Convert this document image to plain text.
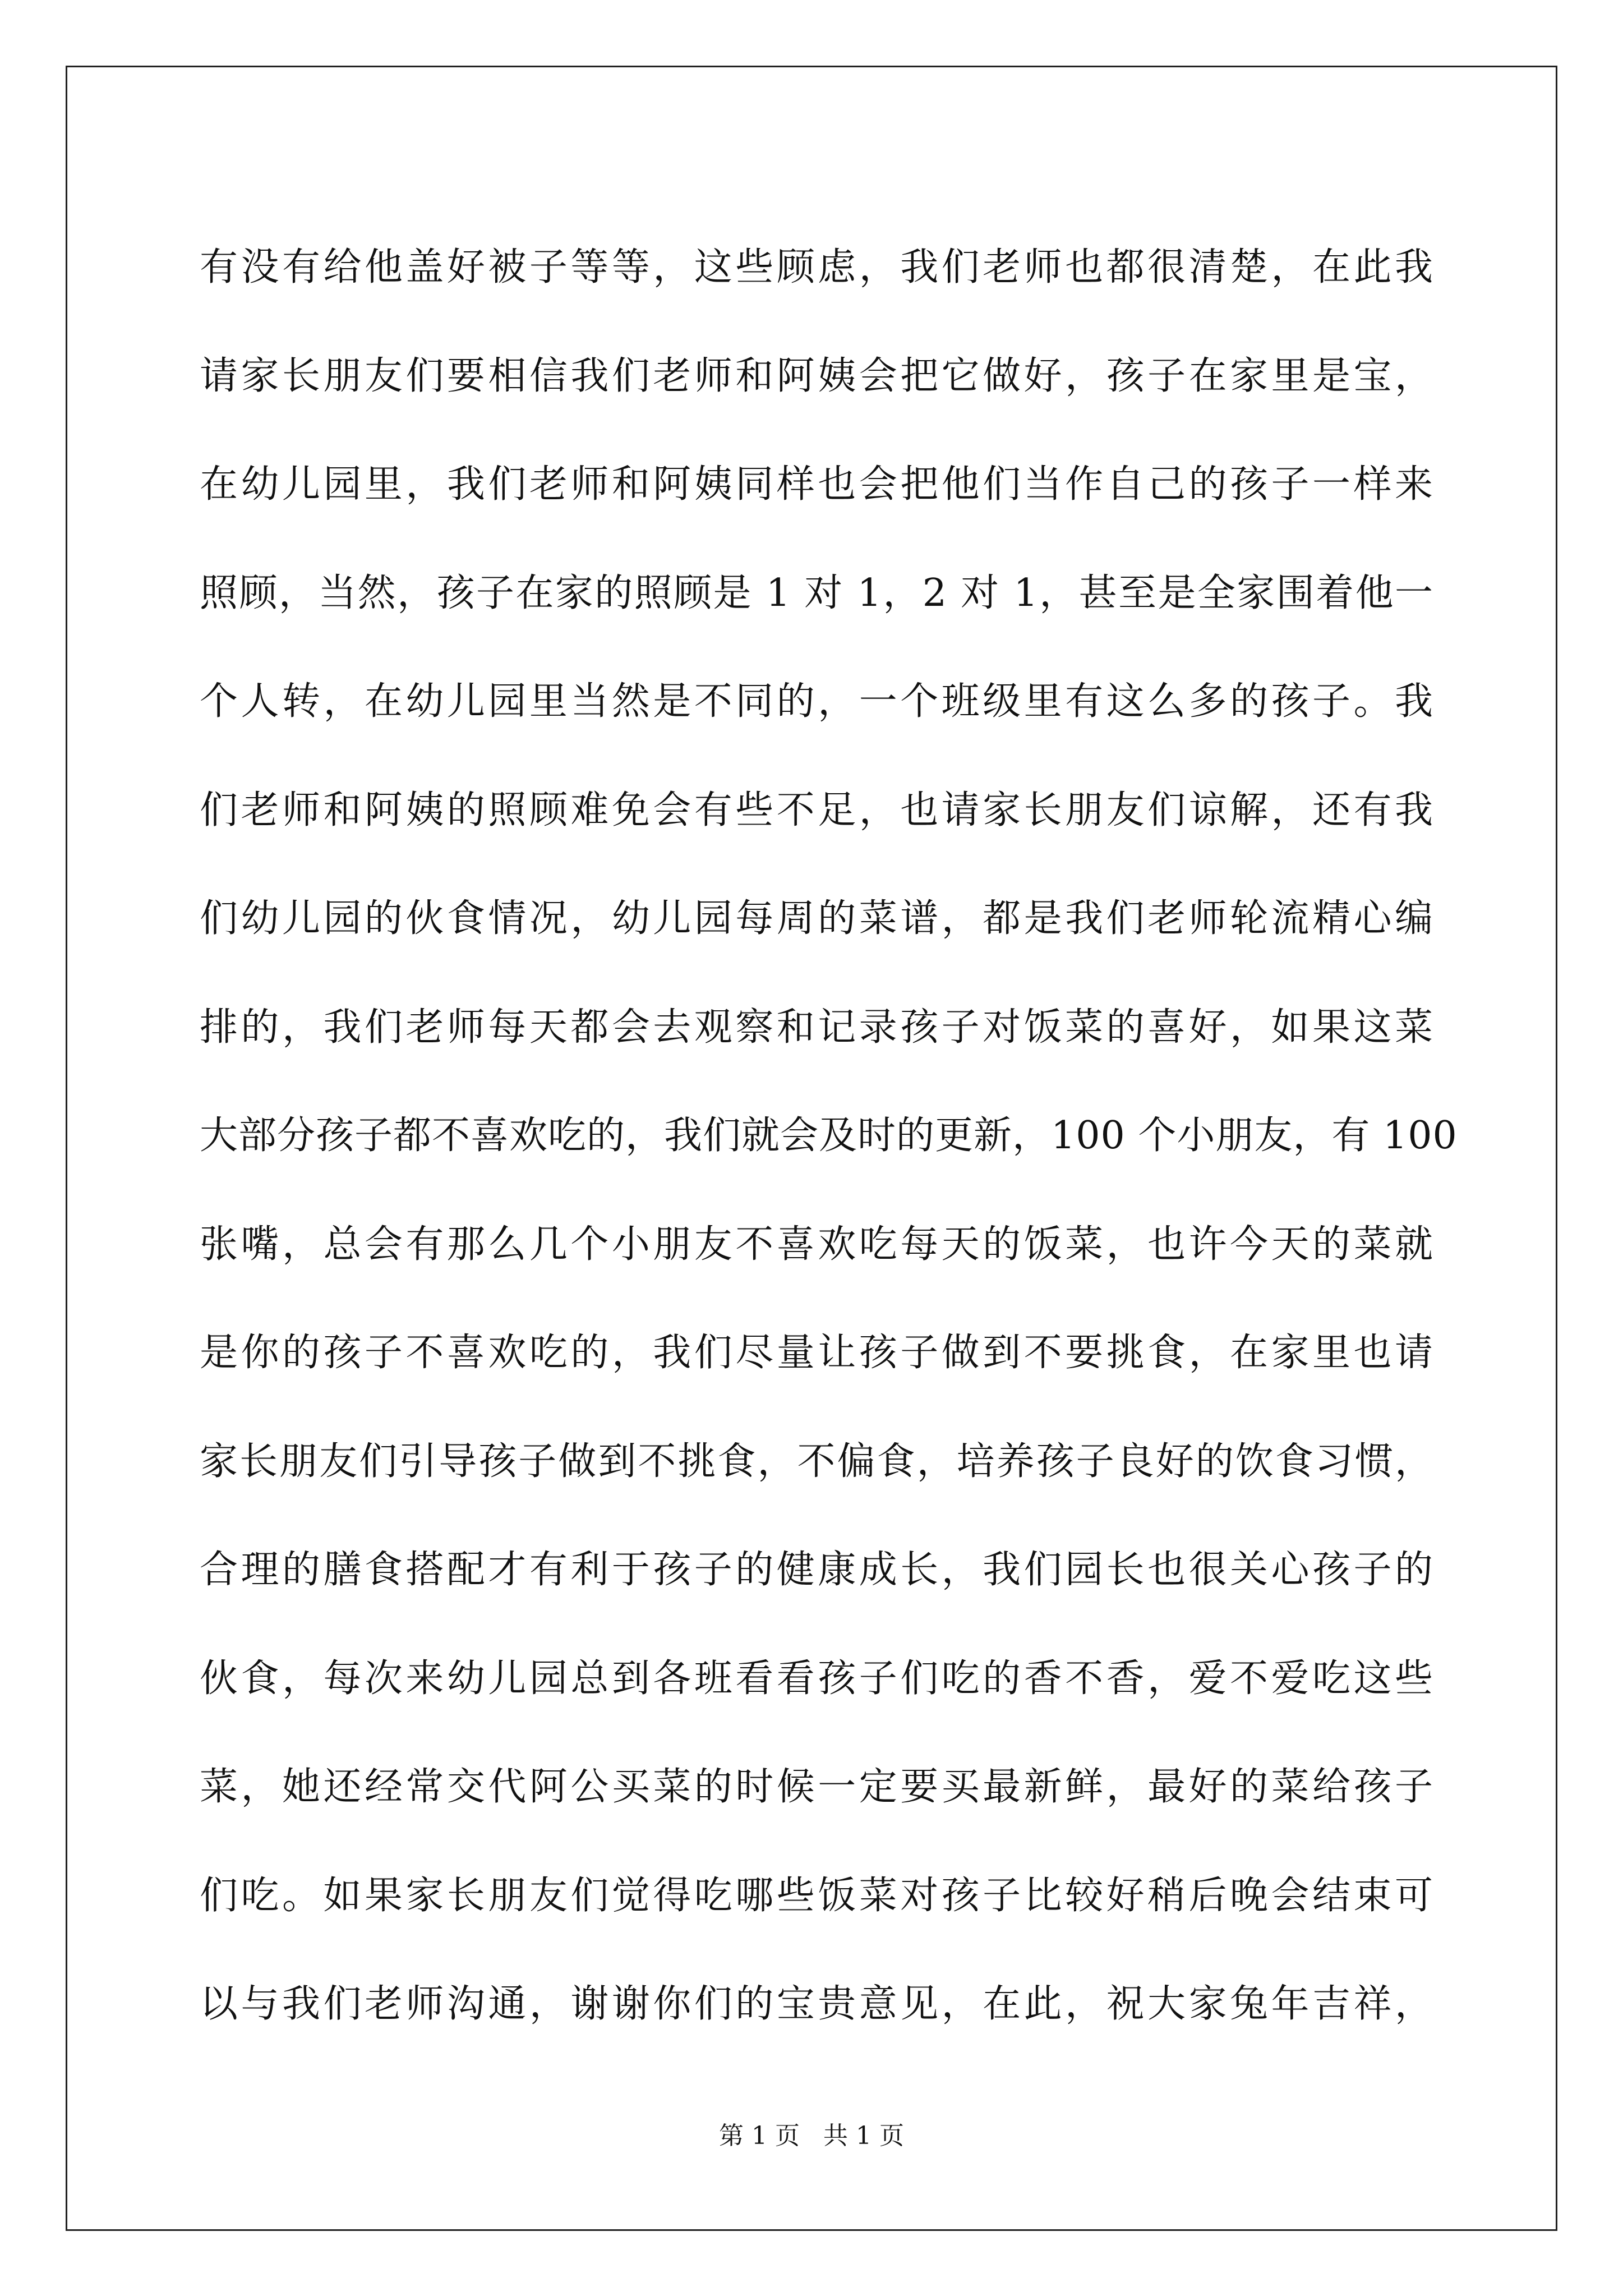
有没有给他盖好被子等等，这些顾虑，我们老师也都很清楚，在此我
请家长朋友们要相信我们老师和阿姨会把它做好，孩子在家里是宝，
在幼儿园里，我们老师和阿姨同样也会把他们当作自己的孩子一样来
照顾，当然，孩子在家的照顾是 1 对 1，2 对 1，甚至是全家围着他一
个人转，在幼儿园里当然是不同的，一个班级里有这么多的孩子。我
们老师和阿姨的照顾难免会有些不足，也请家长朋友们谅解，还有我
们幼儿园的伙食情况，幼儿园每周的菜谱，都是我们老师轮流精心编
排的，我们老师每天都会去观察和记录孩子对饭菜的喜好，如果这菜
大部分孩子都不喜欢吃的，我们就会及时的更新，100 个小朋友，有 100
张嘴，总会有那么几个小朋友不喜欢吃每天的饭菜，也许今天的菜就
是你的孩子不喜欢吃的，我们尽量让孩子做到不要挑食，在家里也请
家长朋友们引导孩子做到不挑食，不偏食，培养孩子良好的饮食习惯，
合理的膳食搭配才有利于孩子的健康成长，我们园长也很关心孩子的
伙食，每次来幼儿园总到各班看看孩子们吃的香不香，爱不爱吃这些
菜，她还经常交代阿公买菜的时候一定要买最新鲜，最好的菜给孩子
们吃。如果家长朋友们觉得吃哪些饭菜对孩子比较好稍后晚会结束可
以与我们老师沟通，谢谢你们的宝贵意见，在此，祝大家兔年吉祥，
第 1 页 共 1 页
